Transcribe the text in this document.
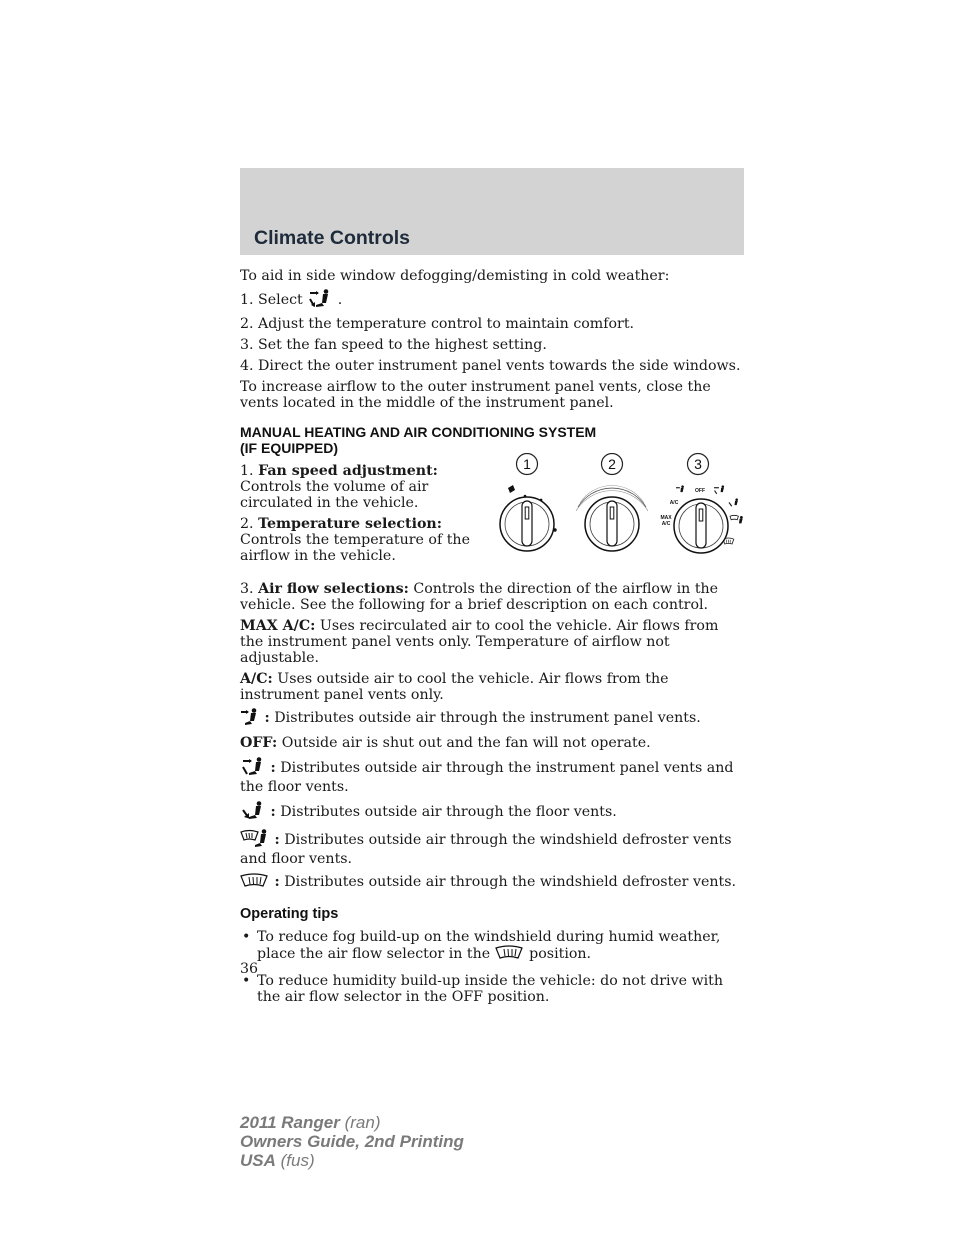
Climate Controls

To aid in side window defogging/demisting in cold weather:

1. Select .

2. Adjust the temperature control to maintain comfort.

3. Set the fan speed to the highest setting.

4. Direct the outer instrument panel vents towards the side windows.

To increase airflow to the outer instrument panel vents, close the vents located in the middle of the instrument panel.

MANUAL HEATING AND AIR CONDITIONING SYSTEM
(IF EQUIPPED)

1. Fan speed adjustment: Controls the volume of air circulated in the vehicle.

2. Temperature selection: Controls the temperature of the airflow in the vehicle.

1	2	3
OFF
A/C
MAX
A/C

3. Air flow selections: Controls the direction of the airflow in the vehicle. See the following for a brief description on each control.

MAX A/C: Uses recirculated air to cool the vehicle. Air flows from the instrument panel vents only. Temperature of airflow not adjustable.

A/C: Uses outside air to cool the vehicle. Air flows from the instrument panel vents only.

: Distributes outside air through the instrument panel vents.

OFF: Outside air is shut out and the fan will not operate.

: Distributes outside air through the instrument panel vents and the floor vents.

: Distributes outside air through the floor vents.

: Distributes outside air through the windshield defroster vents and floor vents.

: Distributes outside air through the windshield defroster vents.

Operating tips
• To reduce fog build-up on the windshield during humid weather, place the air flow selector in the	position.
• To reduce humidity build-up inside the vehicle: do not drive with the air flow selector in the OFF position.
36
2011 Ranger (ran)
Owners Guide, 2nd Printing
USA (fus)
